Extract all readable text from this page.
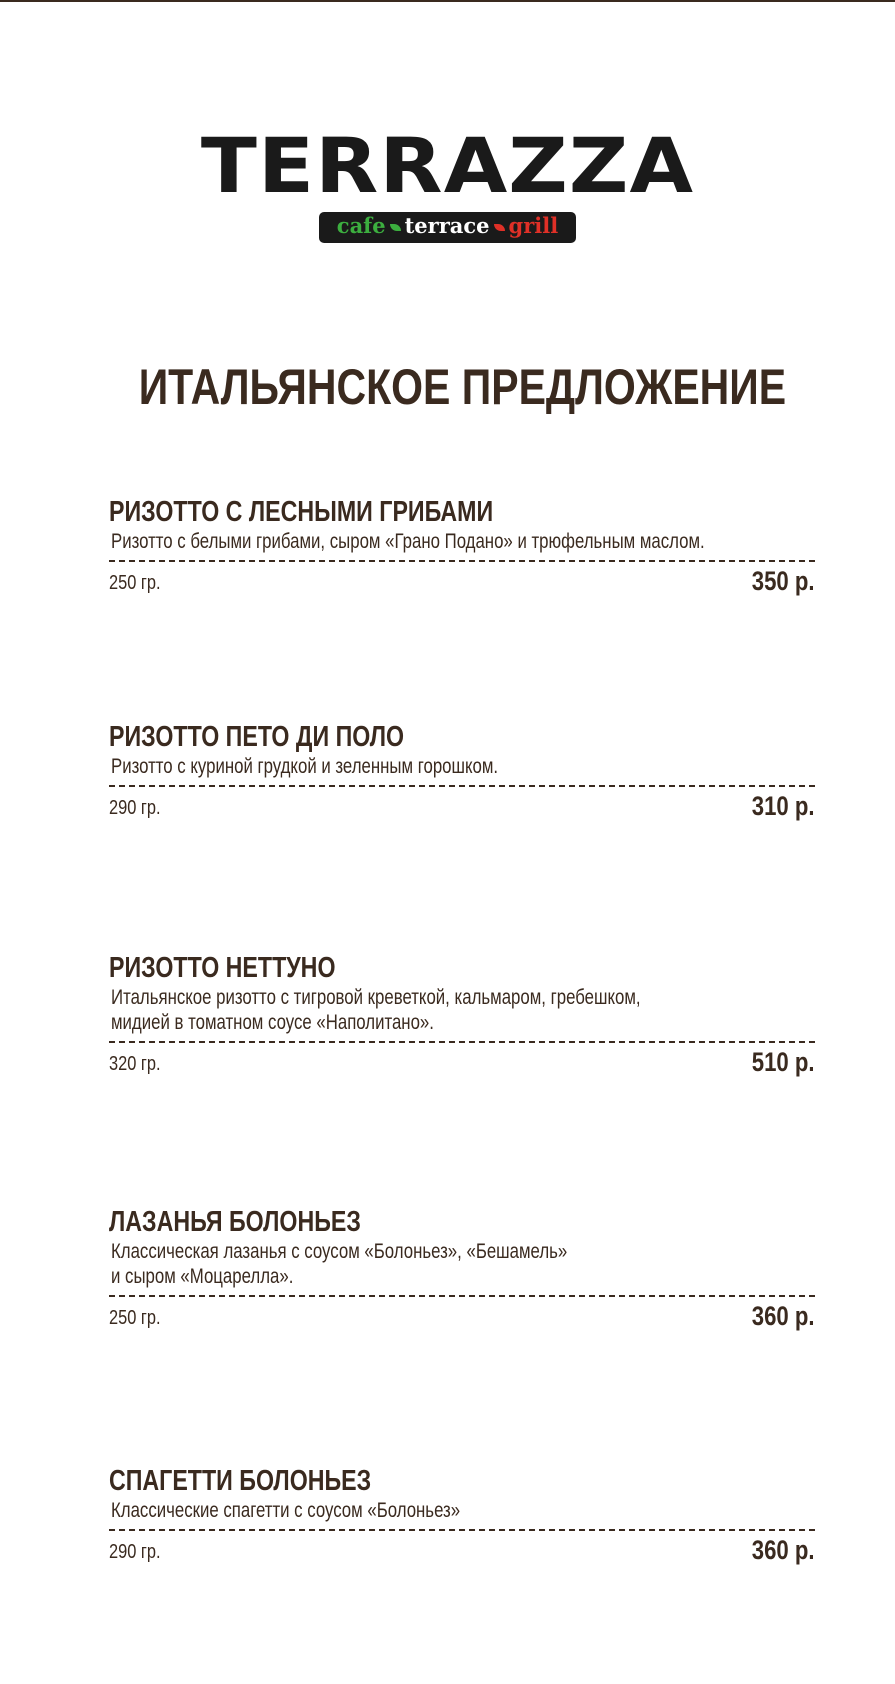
TERRAZZA
cafe terrace grill
ИТАЛЬЯНСКОЕ ПРЕДЛОЖЕНИЕ
РИЗОТТО С ЛЕСНЫМИ ГРИБАМИ
Ризотто с белыми грибами, сыром «Грано Подано» и трюфельным маслом.
250 гр.	350 р.
РИЗОТТО ПЕТО ДИ ПОЛО
Ризотто с куриной грудкой и зеленным горошком.
290 гр.	310 р.
РИЗОТТО НЕТТУНО
Итальянское ризотто с тигровой креветкой, кальмаром, гребешком,
мидией в томатном соусе «Наполитано».
320 гр.	510 р.
ЛАЗАНЬЯ БОЛОНЬЕЗ
Классическая лазанья с соусом «Болоньез», «Бешамель»
и сыром «Моцарелла».
250 гр.	360 р.
СПАГЕТТИ БОЛОНЬЕЗ
Классические спагетти с соусом «Болоньез»
290 гр.	360 р.
